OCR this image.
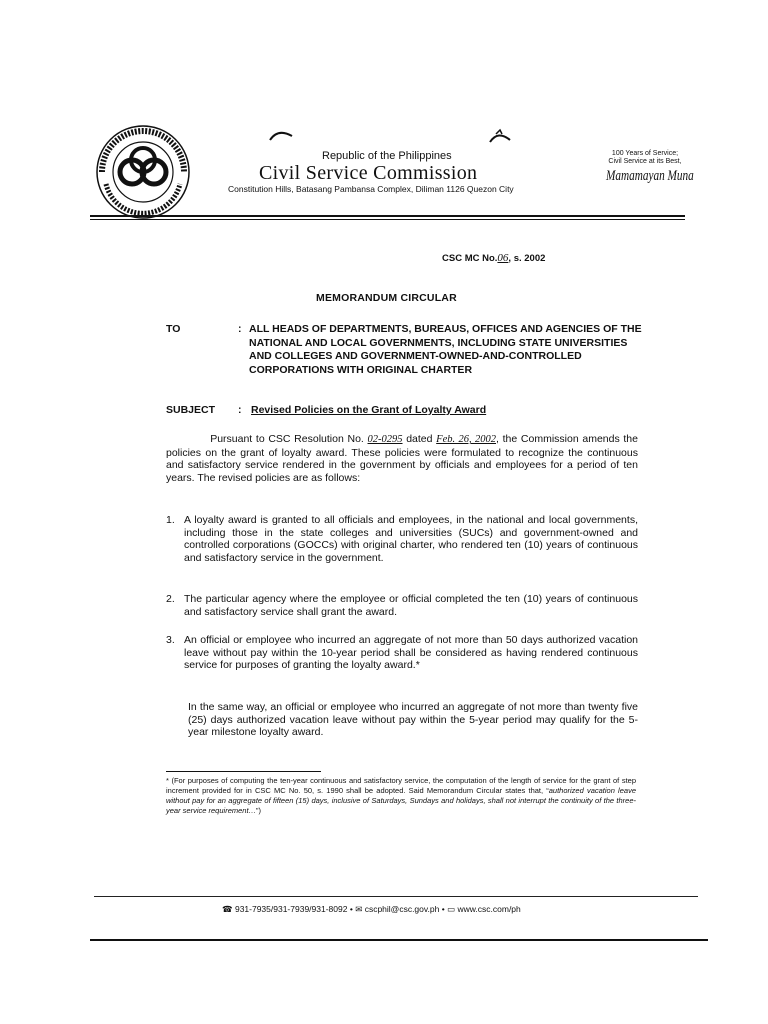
Republic of the Philippines
Civil Service Commission
Constitution Hills, Batasang Pambansa Complex, Diliman 1126 Quezon City
100 Years of Service;
Civil Service at its Best,
Mamamayan Muna
CSC MC No.06, s. 2002
MEMORANDUM CIRCULAR
TO	: ALL HEADS OF DEPARTMENTS, BUREAUS, OFFICES AND AGENCIES OF THE NATIONAL AND LOCAL GOVERNMENTS, INCLUDING STATE UNIVERSITIES AND COLLEGES AND GOVERNMENT-OWNED-AND-CONTROLLED CORPORATIONS WITH ORIGINAL CHARTER
SUBJECT : Revised Policies on the Grant of Loyalty Award
Pursuant to CSC Resolution No. 02-0295 dated Feb. 26, 2002, the Commission amends the policies on the grant of loyalty award. These policies were formulated to recognize the continuous and satisfactory service rendered in the government by officials and employees for a period of ten years. The revised policies are as follows:
1. A loyalty award is granted to all officials and employees, in the national and local governments, including those in the state colleges and universities (SUCs) and government-owned and controlled corporations (GOCCs) with original charter, who rendered ten (10) years of continuous and satisfactory service in the government.
2. The particular agency where the employee or official completed the ten (10) years of continuous and satisfactory service shall grant the award.
3. An official or employee who incurred an aggregate of not more than 50 days authorized vacation leave without pay within the 10-year period shall be considered as having rendered continuous service for purposes of granting the loyalty award.*
In the same way, an official or employee who incurred an aggregate of not more than twenty five (25) days authorized vacation leave without pay within the 5-year period may qualify for the 5-year milestone loyalty award.
* (For purposes of computing the ten-year continuous and satisfactory service, the computation of the length of service for the grant of step increment provided for in CSC MC No. 50, s. 1990 shall be adopted. Said Memorandum Circular states that, “authorized vacation leave without pay for an aggregate of fifteen (15) days, inclusive of Saturdays, Sundays and holidays, shall not interrupt the continuity of the three-year service requirement…”)
☎ 931-7935/931-7939/931-8092 • ✉ cscphil@csc.gov.ph • ▭ www.csc.com/ph
